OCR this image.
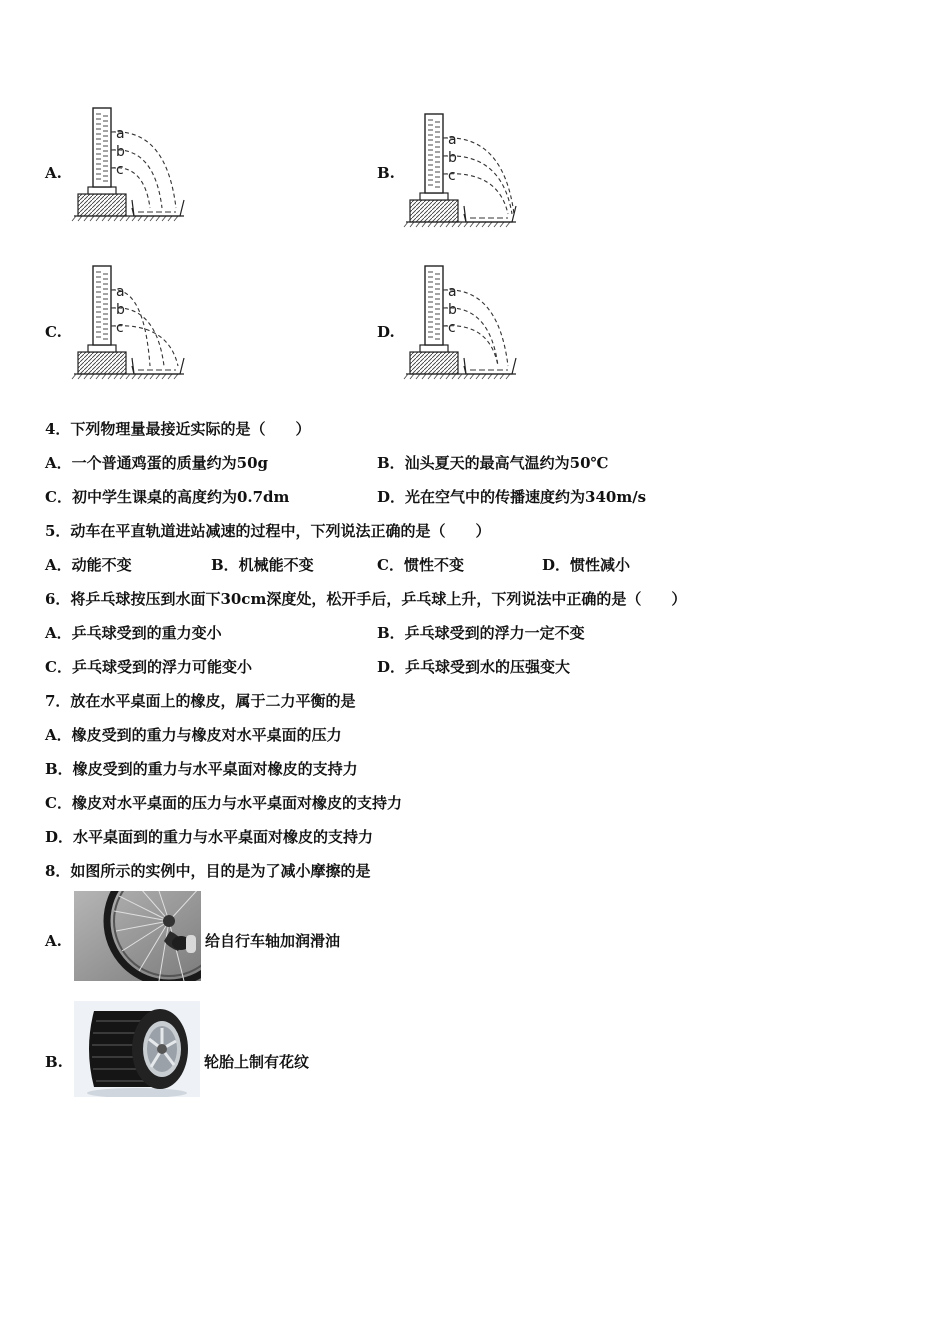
A.
a
b
c	B.
a
b
c
C.
a
b
c	D.
a
b
c
4．下列物理量最接近实际的是（　　）
A．一个普通鸡蛋的质量约为50g	B．汕头夏天的最高气温约为50℃
C．初中学生课桌的高度约为0.7dm	D．光在空气中的传播速度约为340m/s
5．动车在平直轨道进站减速的过程中，下列说法正确的是（　　）
A．动能不变	B．机械能不变	C．惯性不变	D．惯性减小
6．将乒乓球按压到水面下30cm深度处，松开手后，乒乓球上升，下列说法中正确的是（　　）
A．乒乓球受到的重力变小	B．乒乓球受到的浮力一定不变
C．乒乓球受到的浮力可能变小	D．乒乓球受到水的压强变大
7．放在水平桌面上的橡皮，属于二力平衡的是
A．橡皮受到的重力与橡皮对水平桌面的压力
B．橡皮受到的重力与水平桌面对橡皮的支持力
C．橡皮对水平桌面的压力与水平桌面对橡皮的支持力
D．水平桌面到的重力与水平桌面对橡皮的支持力
8．如图所示的实例中，目的是为了减小摩擦的是
A.	给自行车轴加润滑油
B.	轮胎上制有花纹
